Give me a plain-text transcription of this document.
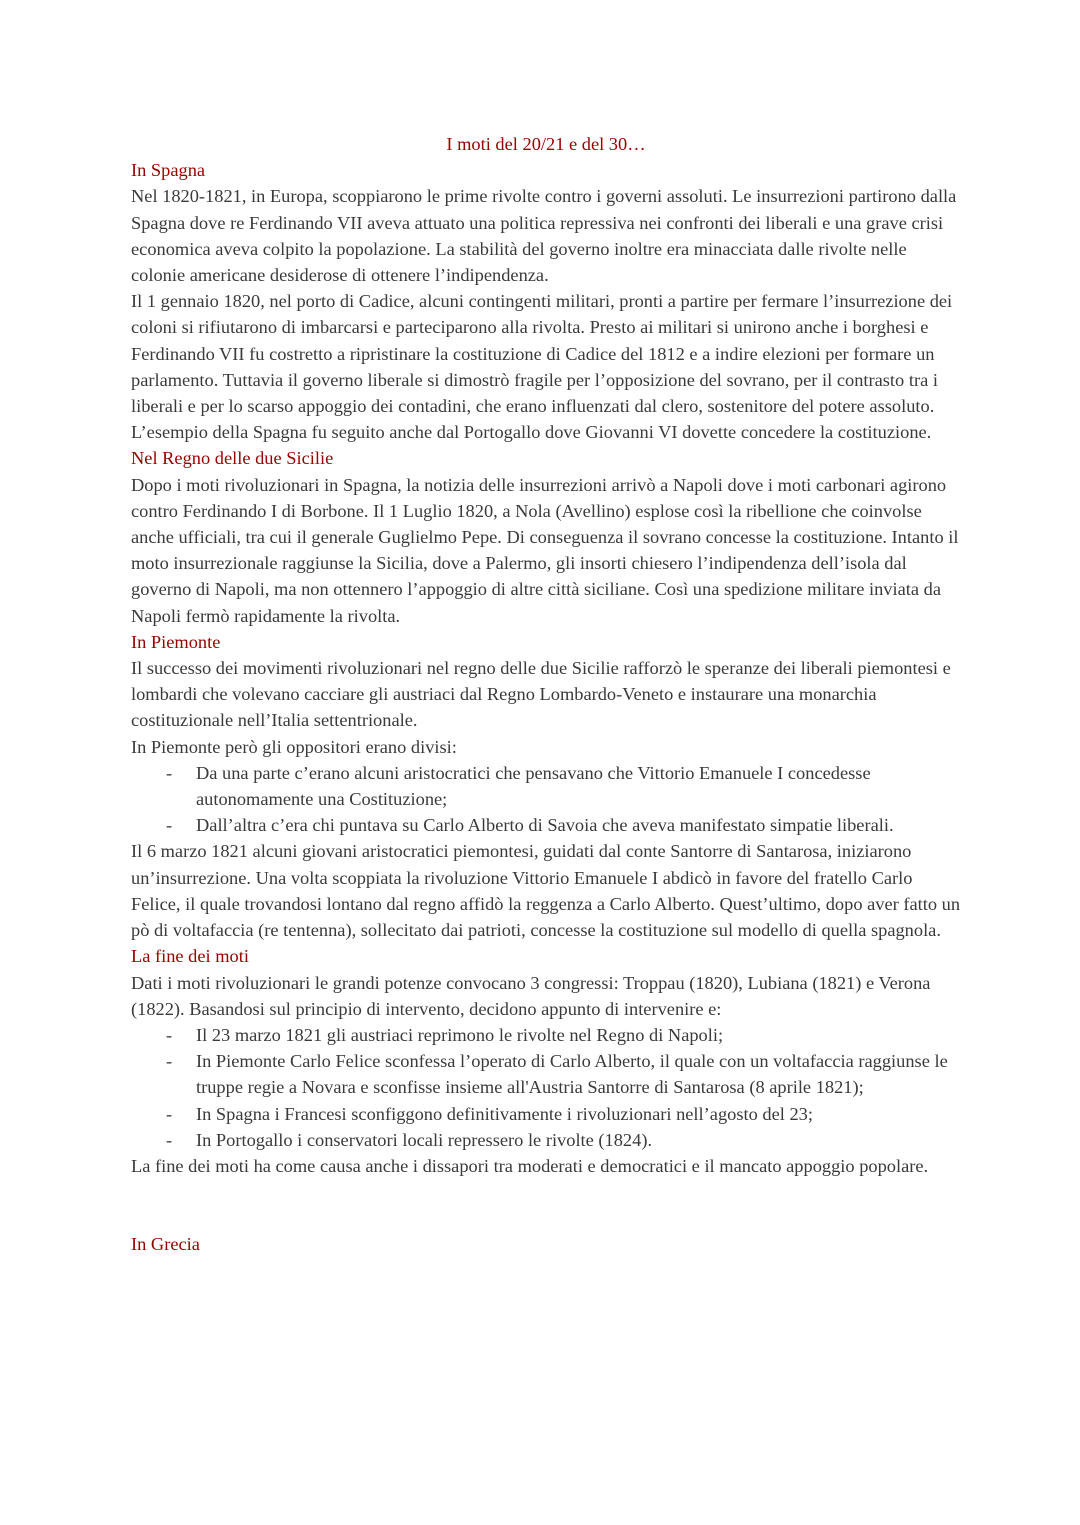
I moti del 20/21 e del 30…
In Spagna

Nel 1820-1821, in Europa, scoppiarono le prime rivolte contro i governi assoluti. Le insurrezioni partirono dalla Spagna dove re Ferdinando VII aveva attuato una politica repressiva nei confronti dei liberali e una grave crisi economica aveva colpito la popolazione. La stabilità del governo inoltre era minacciata dalle rivolte nelle colonie americane desiderose di ottenere l’indipendenza.

Il 1 gennaio 1820, nel porto di Cadice, alcuni contingenti militari, pronti a partire per fermare l’insurrezione dei coloni si rifiutarono di imbarcarsi e parteciparono alla rivolta. Presto ai militari si unirono anche i borghesi e Ferdinando VII fu costretto a ripristinare la costituzione di Cadice del 1812 e a indire elezioni per formare un parlamento. Tuttavia il governo liberale si dimostrò fragile per l’opposizione del sovrano, per il contrasto tra i liberali e per lo scarso appoggio dei contadini, che erano influenzati dal clero, sostenitore del potere assoluto. L’esempio della Spagna fu seguito anche dal Portogallo dove Giovanni VI dovette concedere la costituzione.

Nel Regno delle due Sicilie

Dopo i moti rivoluzionari in Spagna, la notizia delle insurrezioni arrivò a Napoli dove i moti carbonari agirono contro Ferdinando I di Borbone. Il 1 Luglio 1820, a Nola (Avellino) esplose così la ribellione che coinvolse anche ufficiali, tra cui il generale Guglielmo Pepe. Di conseguenza il sovrano concesse la costituzione. Intanto il moto insurrezionale raggiunse la Sicilia, dove a Palermo, gli insorti chiesero l’indipendenza dell’isola dal governo di Napoli, ma non ottennero l’appoggio di altre città siciliane. Così una spedizione militare inviata da Napoli fermò rapidamente la rivolta.

In Piemonte

Il successo dei movimenti rivoluzionari nel regno delle due Sicilie rafforzò le speranze dei liberali piemontesi e lombardi che volevano cacciare gli austriaci dal Regno Lombardo-Veneto e instaurare una monarchia costituzionale nell’Italia settentrionale.

In Piemonte però gli oppositori erano divisi:

- Da una parte c’erano alcuni aristocratici che pensavano che Vittorio Emanuele I concedesse autonomamente una Costituzione;
- Dall’altra c’era chi puntava su Carlo Alberto di Savoia che aveva manifestato simpatie liberali.

Il 6 marzo 1821 alcuni giovani aristocratici piemontesi, guidati dal conte Santorre di Santarosa, iniziarono un’insurrezione. Una volta scoppiata la rivoluzione Vittorio Emanuele I abdicò in favore del fratello Carlo Felice, il quale trovandosi lontano dal regno affidò la reggenza a Carlo Alberto. Quest’ultimo, dopo aver fatto un pò di voltafaccia (re tentenna), sollecitato dai patrioti, concesse la costituzione sul modello di quella spagnola.

La fine dei moti

Dati i moti rivoluzionari le grandi potenze convocano 3 congressi: Troppau (1820), Lubiana (1821) e Verona (1822). Basandosi sul principio di intervento, decidono appunto di intervenire e:

- Il 23 marzo 1821 gli austriaci reprimono le rivolte nel Regno di Napoli;
- In Piemonte Carlo Felice sconfessa l’operato di Carlo Alberto, il quale con un voltafaccia raggiunse le truppe regie a Novara e sconfisse insieme all'Austria Santorre di Santarosa (8 aprile 1821);
- In Spagna i Francesi sconfiggono definitivamente i rivoluzionari nell’agosto del 23;
- In Portogallo i conservatori locali repressero le rivolte (1824).

La fine dei moti ha come causa anche i dissapori tra moderati e democratici e il mancato appoggio popolare.

In Grecia
